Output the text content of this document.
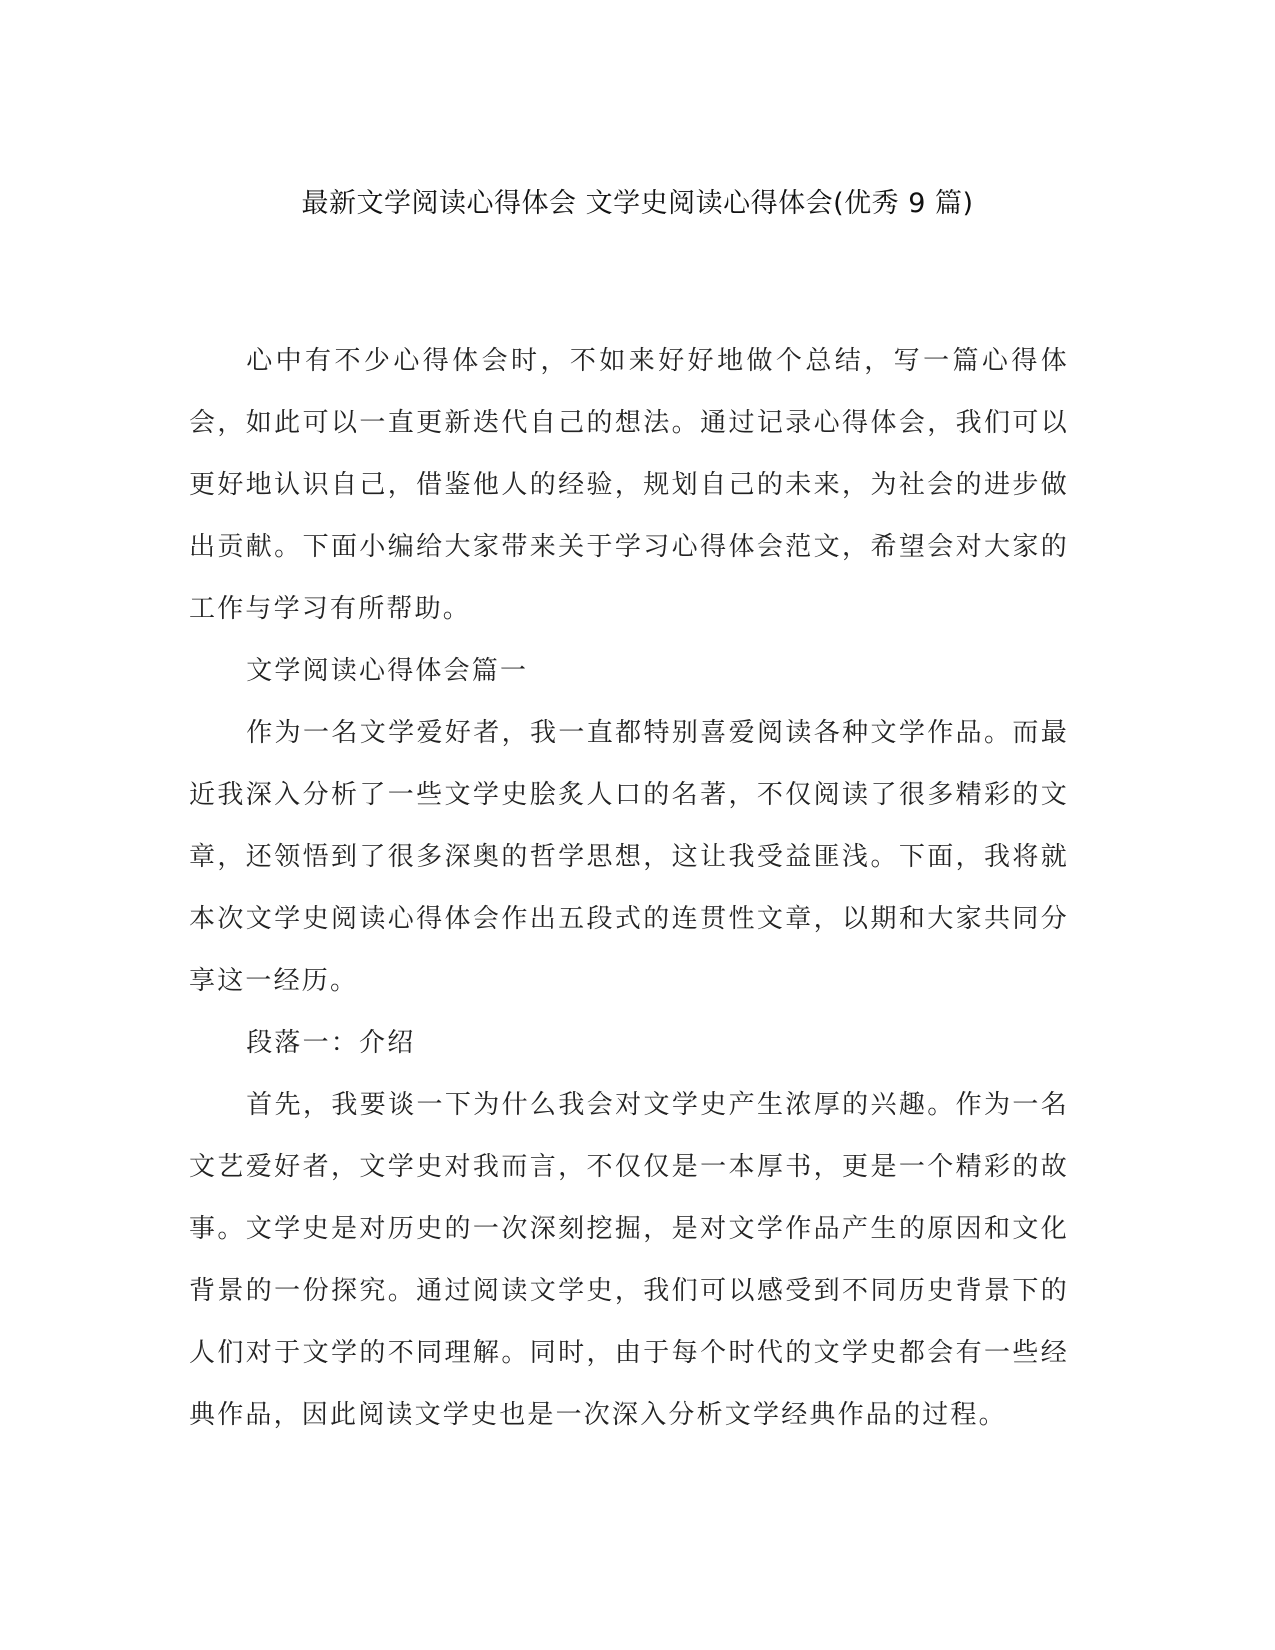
最新文学阅读心得体会 文学史阅读心得体会(优秀 9 篇)

心中有不少心得体会时，不如来好好地做个总结，写一篇心得体会，如此可以一直更新迭代自己的想法。通过记录心得体会，我们可以更好地认识自己，借鉴他人的经验，规划自己的未来，为社会的进步做出贡献。下面小编给大家带来关于学习心得体会范文，希望会对大家的工作与学习有所帮助。

文学阅读心得体会篇一

作为一名文学爱好者，我一直都特别喜爱阅读各种文学作品。而最近我深入分析了一些文学史脍炙人口的名著，不仅阅读了很多精彩的文章，还领悟到了很多深奥的哲学思想，这让我受益匪浅。下面，我将就本次文学史阅读心得体会作出五段式的连贯性文章，以期和大家共同分享这一经历。

段落一：介绍

首先，我要谈一下为什么我会对文学史产生浓厚的兴趣。作为一名文艺爱好者，文学史对我而言，不仅仅是一本厚书，更是一个精彩的故事。文学史是对历史的一次深刻挖掘，是对文学作品产生的原因和文化背景的一份探究。通过阅读文学史，我们可以感受到不同历史背景下的人们对于文学的不同理解。同时，由于每个时代的文学史都会有一些经典作品，因此阅读文学史也是一次深入分析文学经典作品的过程。
